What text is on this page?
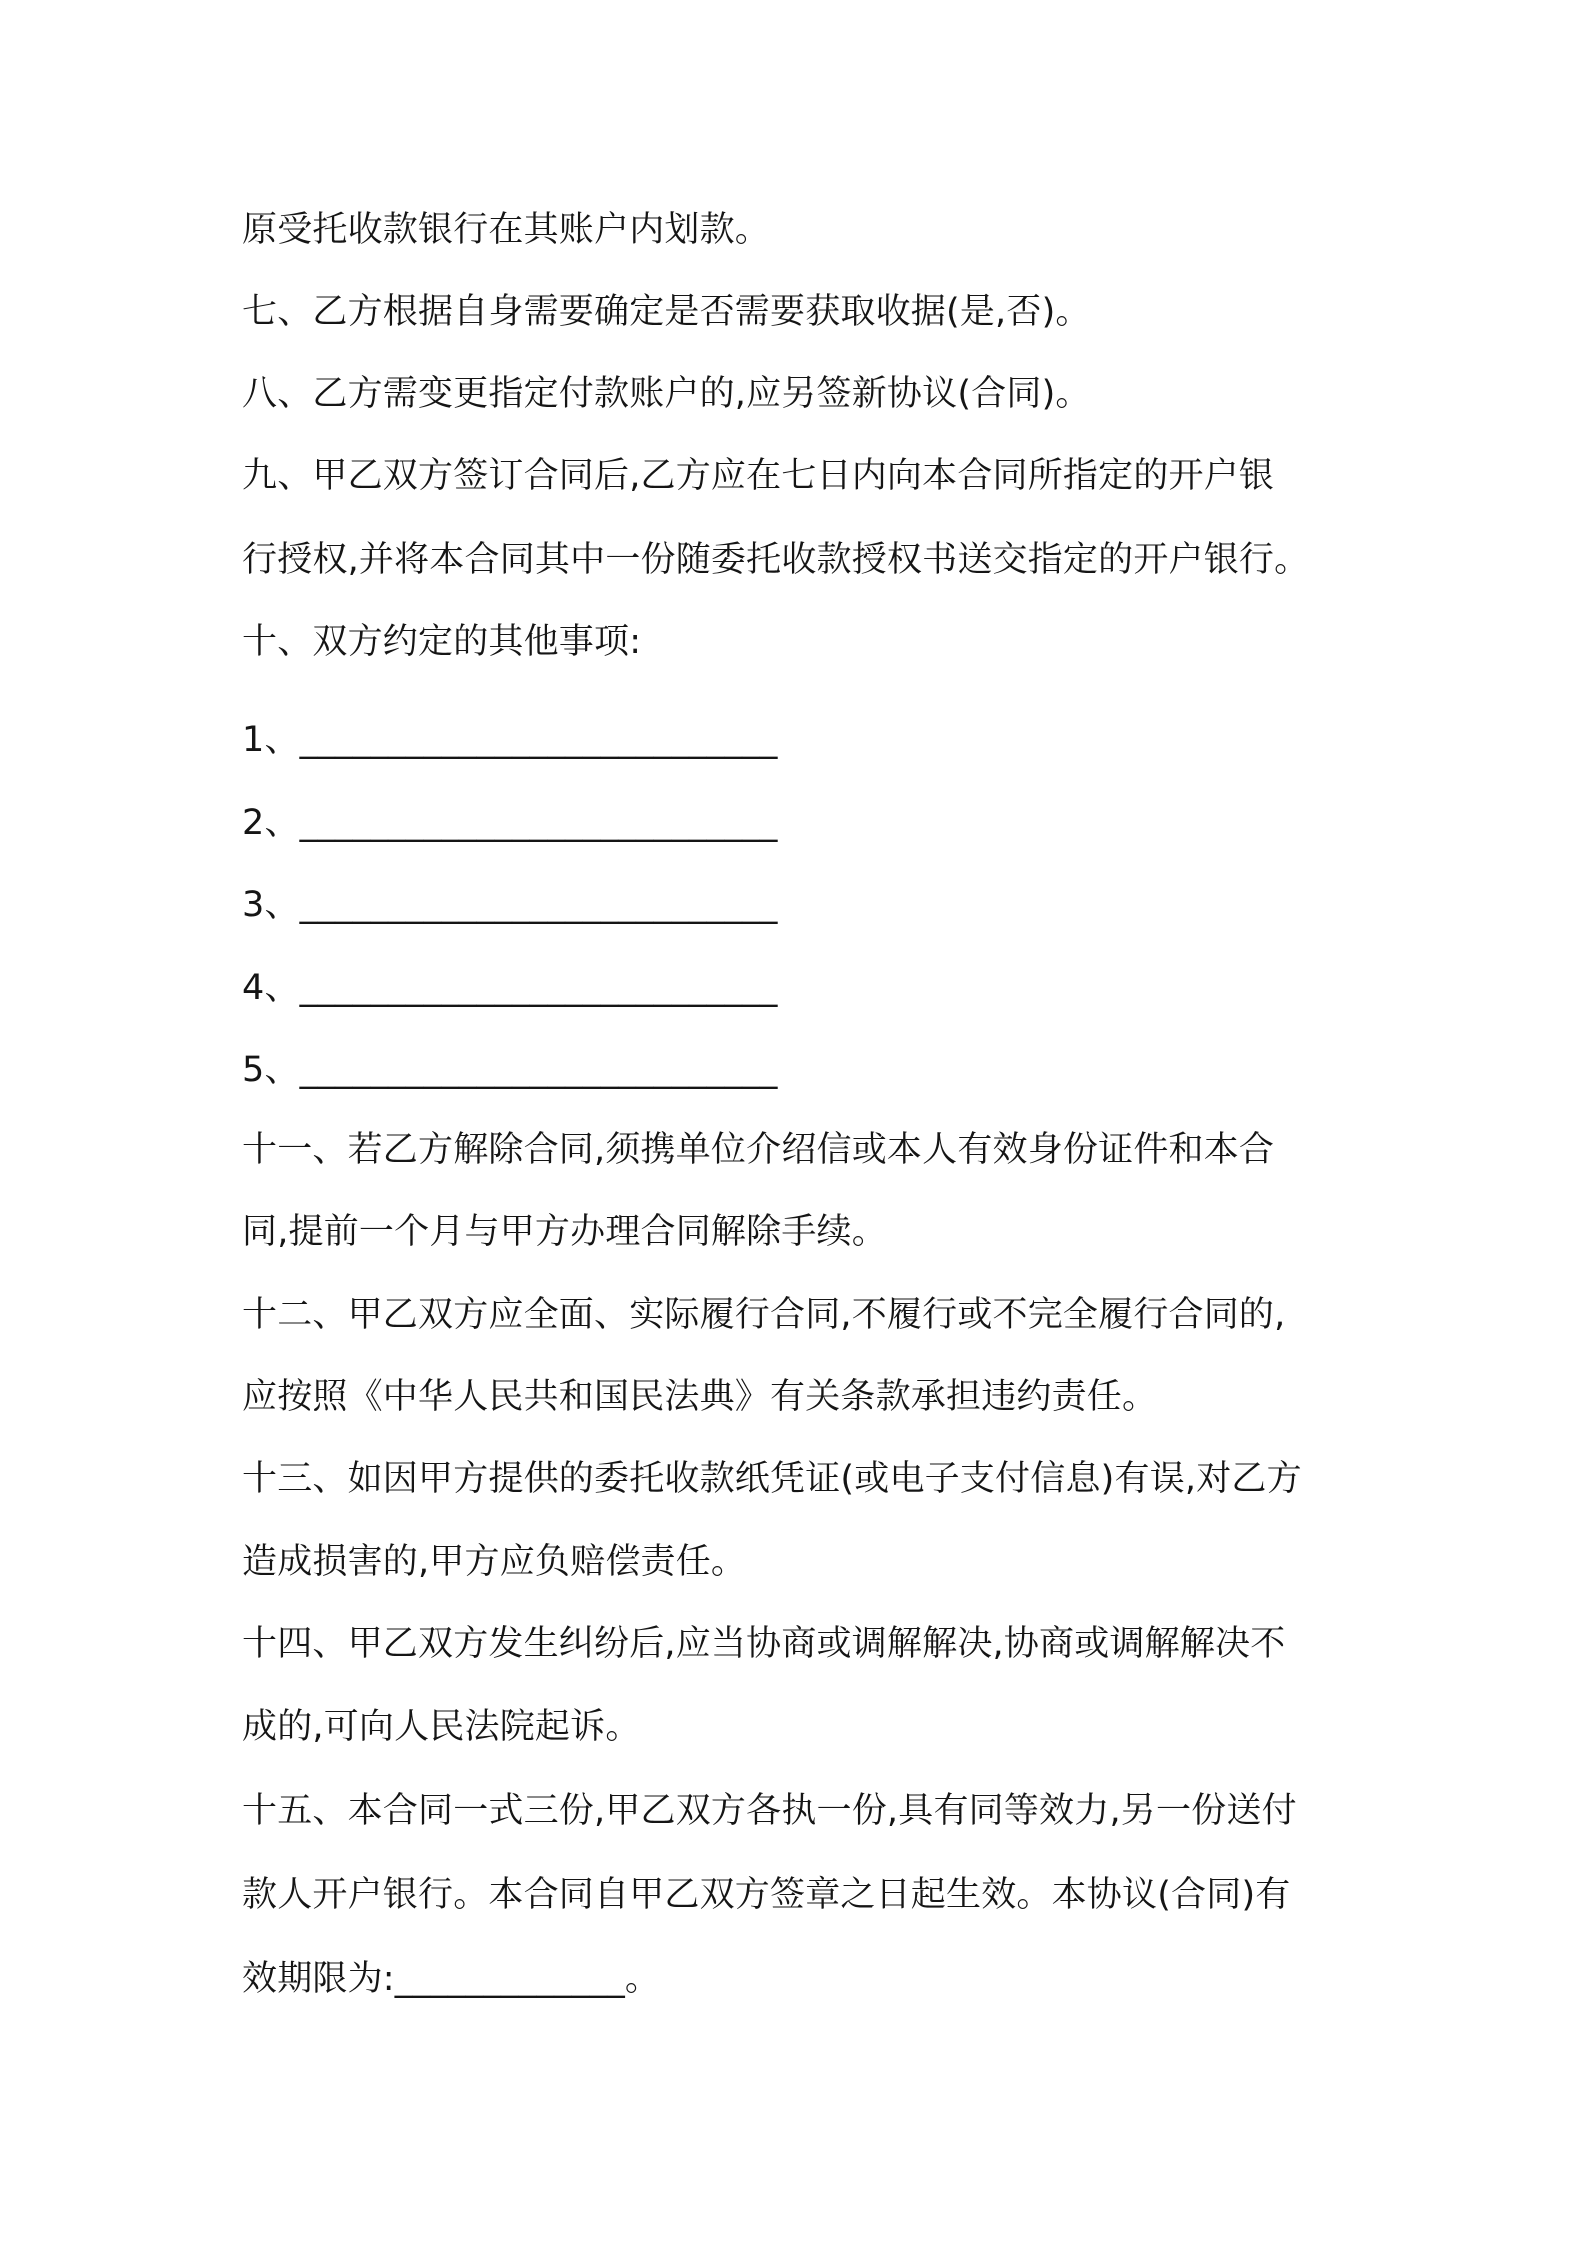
原受托收款银行在其账户内划款。
七、乙方根据自身需要确定是否需要获取收据(是,否)。
八、乙方需变更指定付款账户的,应另签新协议(合同)。
九、甲乙双方签订合同后,乙方应在七日内向本合同所指定的开户银
行授权,并将本合同其中一份随委托收款授权书送交指定的开户银行。
十、双方约定的其他事项:
1、___________________________
2、___________________________
3、___________________________
4、___________________________
5、___________________________
十一、若乙方解除合同,须携单位介绍信或本人有效身份证件和本合
同,提前一个月与甲方办理合同解除手续。
十二、甲乙双方应全面、实际履行合同,不履行或不完全履行合同的,
应按照《中华人民共和国民法典》有关条款承担违约责任。
十三、如因甲方提供的委托收款纸凭证(或电子支付信息)有误,对乙方
造成损害的,甲方应负赔偿责任。
十四、甲乙双方发生纠纷后,应当协商或调解解决,协商或调解解决不
成的,可向人民法院起诉。
十五、本合同一式三份,甲乙双方各执一份,具有同等效力,另一份送付
款人开户银行。本合同自甲乙双方签章之日起生效。本协议(合同)有
效期限为:_____________。
